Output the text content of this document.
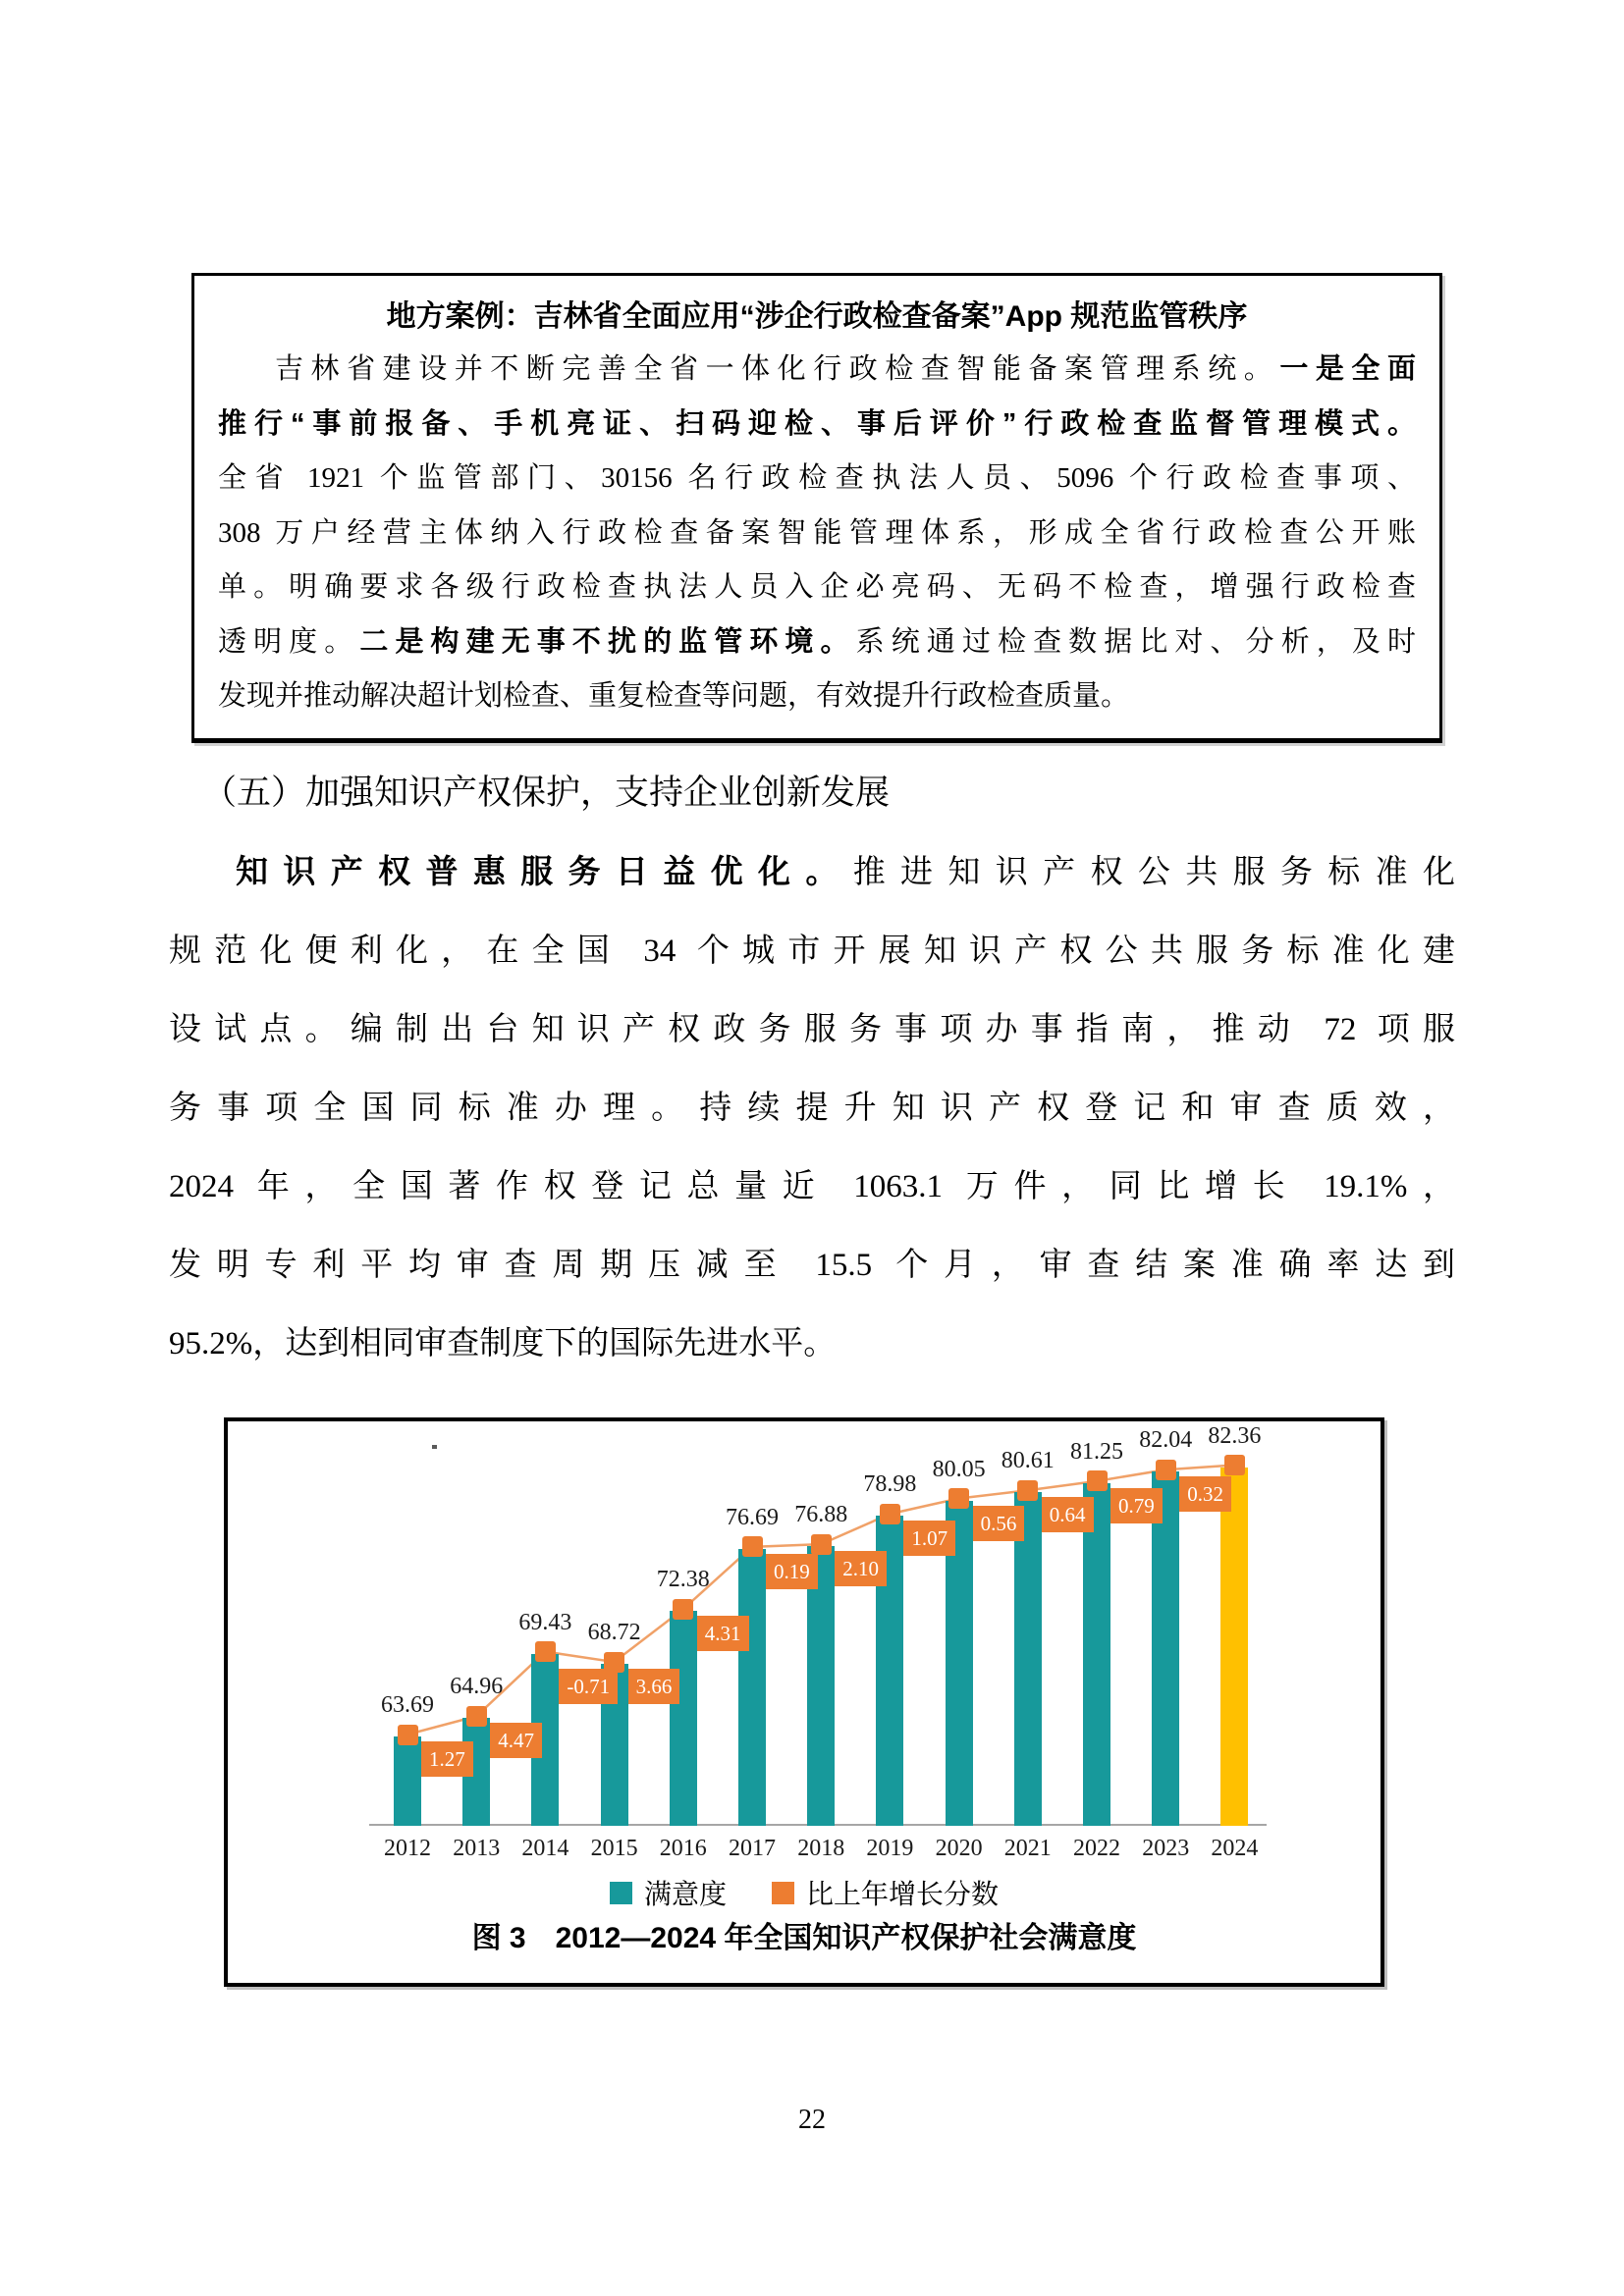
地方案例：吉林省全面应用“涉企行政检查备案”App 规范监管秩序
吉林省建设并不断完善全省一体化行政检查智能备案管理系统。一是全面
推行“事前报备、手机亮证、扫码迎检、事后评价”行政检查监督管理模式。
全省 1921 个监管部门、30156 名行政检查执法人员、5096 个行政检查事项、
308 万户经营主体纳入行政检查备案智能管理体系，形成全省行政检查公开账
单。明确要求各级行政检查执法人员入企必亮码、无码不检查，增强行政检查
透明度。二是构建无事不扰的监管环境。系统通过检查数据比对、分析，及时
发现并推动解决超计划检查、重复检查等问题，有效提升行政检查质量。
（五）加强知识产权保护，支持企业创新发展
知识产权普惠服务日益优化。推进知识产权公共服务标准化
规范化便利化，在全国 34 个城市开展知识产权公共服务标准化建
设试点。编制出台知识产权政务服务事项办事指南，推动 72 项服
务事项全国同标准办理。持续提升知识产权登记和审查质效，
2024 年，全国著作权登记总量近 1063.1 万件，同比增长 19.1%，
发明专利平均审查周期压减至 15.5 个月，审查结案准确率达到
95.2%，达到相同审查制度下的国际先进水平。
63.69
2012
64.96
2013
69.43
2014
68.72
2015
72.38
2016
76.69
2017
76.88
2018
78.98
2019
80.05
2020
80.61
2021
81.25
2022
82.04
2023
82.36
2024
1.27
4.47
-0.71	3.66
4.31
0.19	2.10
1.07
0.56	0.64	0.79	0.32
满意度	比上年增长分数
图 3　2012—2024 年全国知识产权保护社会满意度
22
